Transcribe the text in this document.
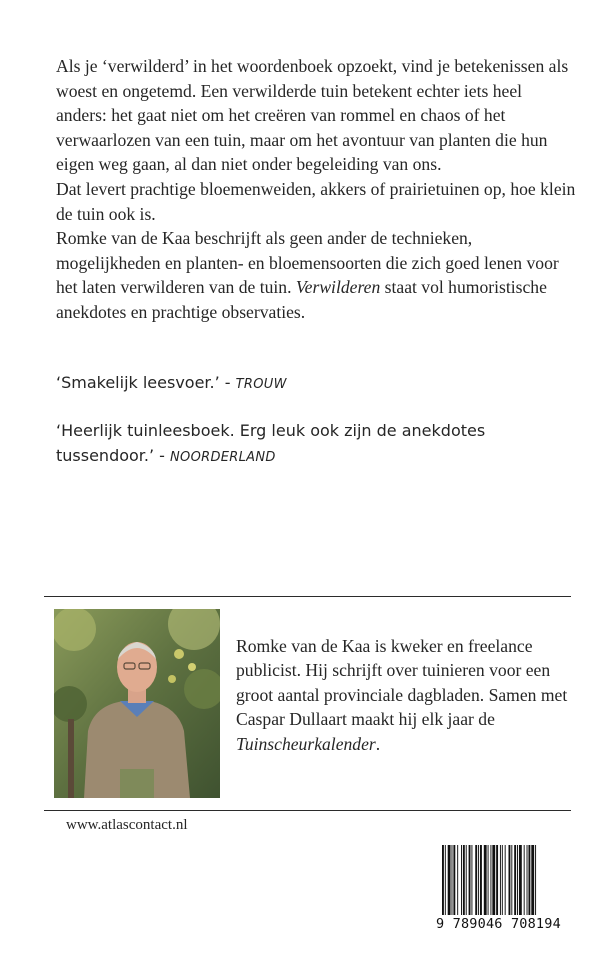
Als je ‘verwilderd’ in het woordenboek opzoekt, vind je betekenissen als woest en ongetemd. Een verwilderde tuin betekent echter iets heel anders: het gaat niet om het creëren van rommel en chaos of het verwaarlozen van een tuin, maar om het avontuur van planten die hun eigen weg gaan, al dan niet onder begeleiding van ons.

Dat levert prachtige bloemenweiden, akkers of prairietuinen op, hoe klein de tuin ook is.

Romke van de Kaa beschrijft als geen ander de technieken, mogelijkheden en planten- en bloemensoorten die zich goed lenen voor het laten verwilderen van de tuin. Verwilderen staat vol humoristische anekdotes en prachtige observaties.

‘Smakelijk leesvoer.’ - TROUW

‘Heerlijk tuinleesboek. Erg leuk ook zijn de anekdotes tussendoor.’ - NOORDERLAND

Romke van de Kaa is kweker en freelance publicist. Hij schrijft over tuinieren voor een groot aantal provinciale dagbladen. Samen met Caspar Dullaart maakt hij elk jaar de Tuinscheurkalender.

www.atlascontact.nl
9 789046 708194
